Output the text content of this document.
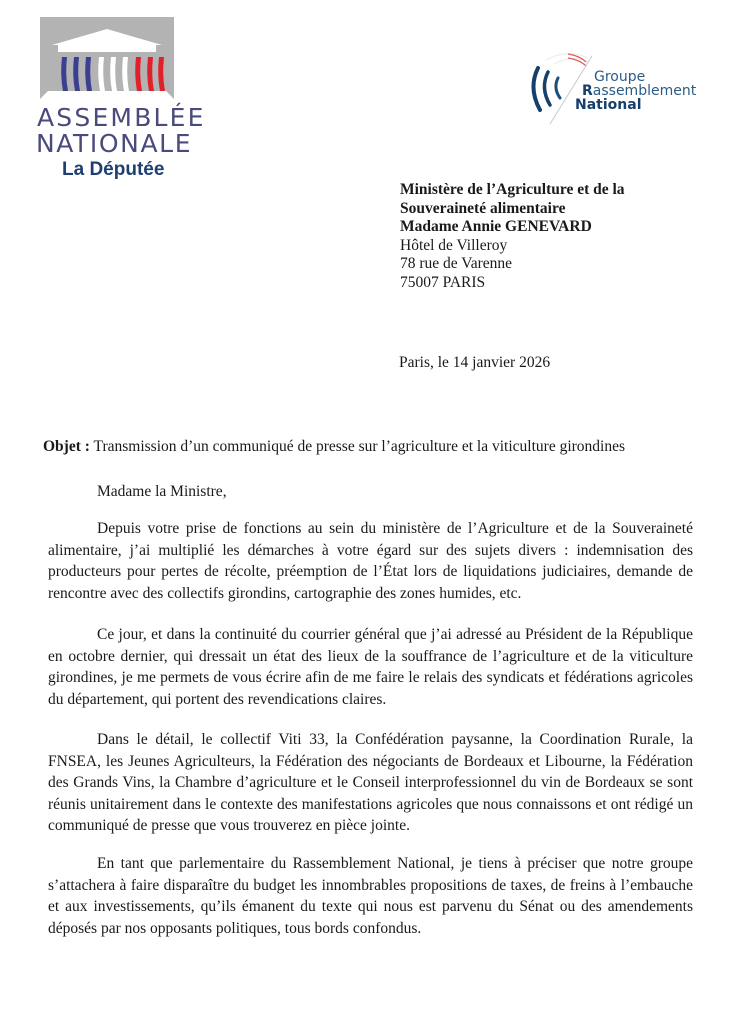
ASSEMBLÉE
NATIONALE
La Députée
Groupe
Rassemblement
National
Ministère de l’Agriculture et de la
Souveraineté alimentaire
Madame Annie GENEVARD
Hôtel de Villeroy
78 rue de Varenne
75007 PARIS
Paris, le 14 janvier 2026
Objet : Transmission d’un communiqué de presse sur l’agriculture et la viticulture girondines
Madame la Ministre,

Depuis votre prise de fonctions au sein du ministère de l’Agriculture et de la Souveraineté alimentaire, j’ai multiplié les démarches à votre égard sur des sujets divers : indemnisation des producteurs pour pertes de récolte, préemption de l’État lors de liquidations judiciaires, demande de rencontre avec des collectifs girondins, cartographie des zones humides, etc.

Ce jour, et dans la continuité du courrier général que j’ai adressé au Président de la République en octobre dernier, qui dressait un état des lieux de la souffrance de l’agriculture et de la viticulture girondines, je me permets de vous écrire afin de me faire le relais des syndicats et fédérations agricoles du département, qui portent des revendications claires.

Dans le détail, le collectif Viti 33, la Confédération paysanne, la Coordination Rurale, la FNSEA, les Jeunes Agriculteurs, la Fédération des négociants de Bordeaux et Libourne, la Fédération des Grands Vins, la Chambre d’agriculture et le Conseil interprofessionnel du vin de Bordeaux se sont réunis unitairement dans le contexte des manifestations agricoles que nous connaissons et ont rédigé un communiqué de presse que vous trouverez en pièce jointe.

En tant que parlementaire du Rassemblement National, je tiens à préciser que notre groupe s’attachera à faire disparaître du budget les innombrables propositions de taxes, de freins à l’embauche et aux investissements, qu’ils émanent du texte qui nous est parvenu du Sénat ou des amendements déposés par nos opposants politiques, tous bords confondus.
